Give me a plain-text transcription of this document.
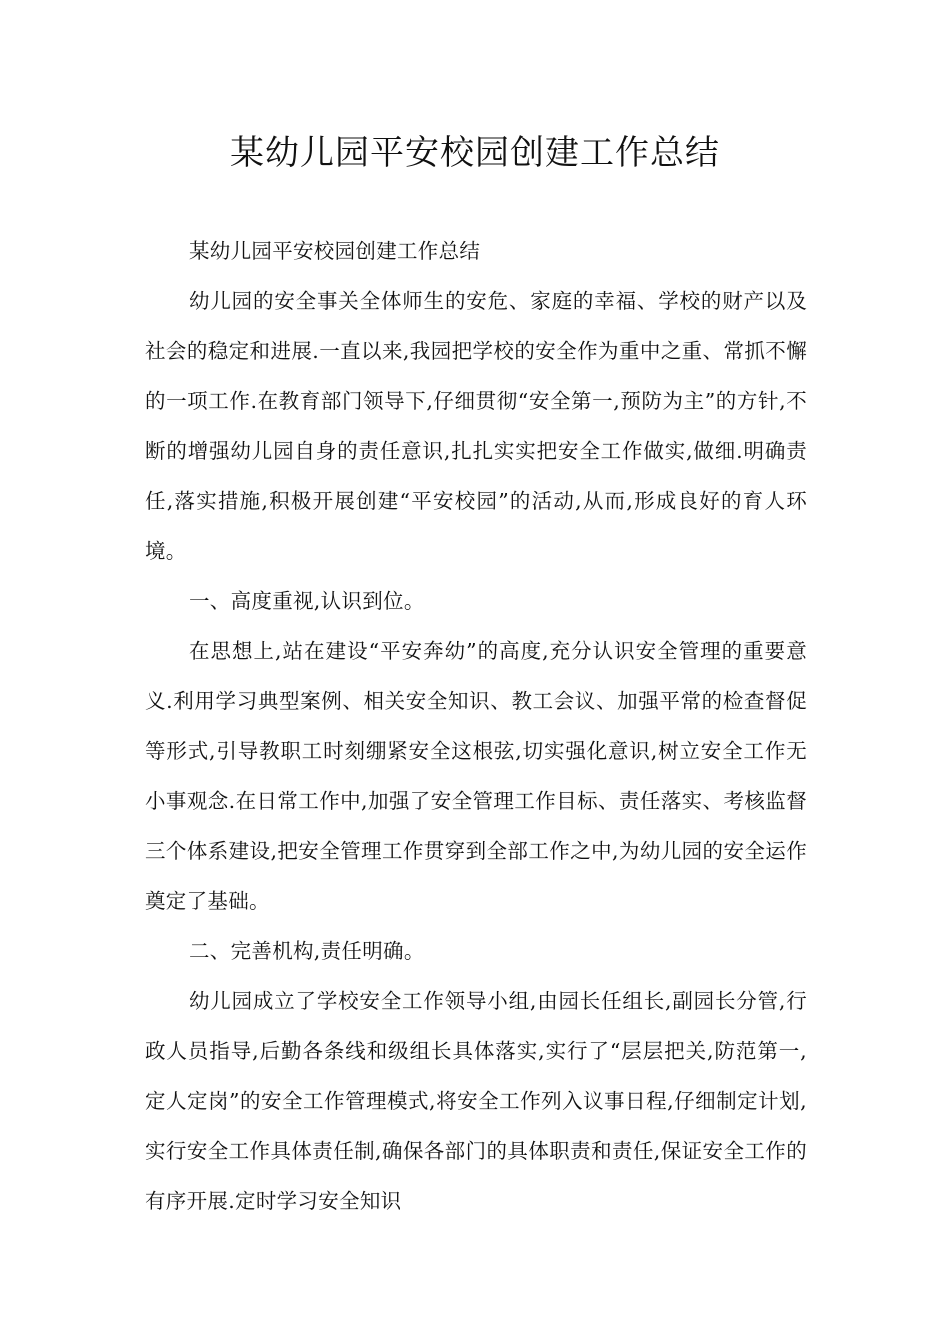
某幼儿园平安校园创建工作总结

某幼儿园平安校园创建工作总结

幼儿园的安全事关全体师生的安危、家庭的幸福、学校的财产以及社会的稳定和进展.一直以来,我园把学校的安全作为重中之重、常抓不懈的一项工作.在教育部门领导下,仔细贯彻“安全第一,预防为主”的方针,不断的增强幼儿园自身的责任意识,扎扎实实把安全工作做实,做细.明确责任,落实措施,积极开展创建“平安校园”的活动,从而,形成良好的育人环境。

一、高度重视,认识到位。

在思想上,站在建设“平安奔幼”的高度,充分认识安全管理的重要意义.利用学习典型案例、相关安全知识、教工会议、加强平常的检查督促等形式,引导教职工时刻绷紧安全这根弦,切实强化意识,树立安全工作无小事观念.在日常工作中,加强了安全管理工作目标、责任落实、考核监督三个体系建设,把安全管理工作贯穿到全部工作之中,为幼儿园的安全运作奠定了基础。

二、完善机构,责任明确。

幼儿园成立了学校安全工作领导小组,由园长任组长,副园长分管,行政人员指导,后勤各条线和级组长具体落实,实行了“层层把关,防范第一,定人定岗”的安全工作管理模式,将安全工作列入议事日程,仔细制定计划,实行安全工作具体责任制,确保各部门的具体职责和责任,保证安全工作的有序开展.定时学习安全知识
